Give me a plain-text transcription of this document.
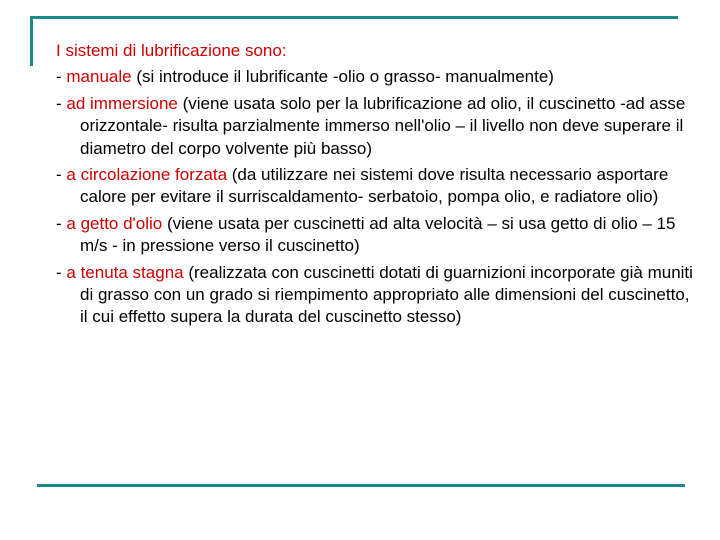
I sistemi di lubrificazione sono:
- manuale (si introduce il lubrificante -olio o grasso- manualmente)
- ad immersione (viene usata solo per la lubrificazione ad olio, il cuscinetto -ad asse orizzontale- risulta parzialmente immerso nell'olio – il livello non deve superare il diametro del corpo volvente più basso)
- a circolazione forzata (da utilizzare nei sistemi dove risulta necessario asportare calore per evitare il surriscaldamento- serbatoio, pompa olio, e radiatore olio)
- a getto d'olio (viene usata per cuscinetti ad alta velocità – si usa getto di olio – 15 m/s - in pressione verso il cuscinetto)
- a tenuta stagna (realizzata con cuscinetti dotati di guarnizioni incorporate già muniti di grasso con un grado si riempimento appropriato alle dimensioni del cuscinetto, il cui effetto supera la durata del cuscinetto stesso)
